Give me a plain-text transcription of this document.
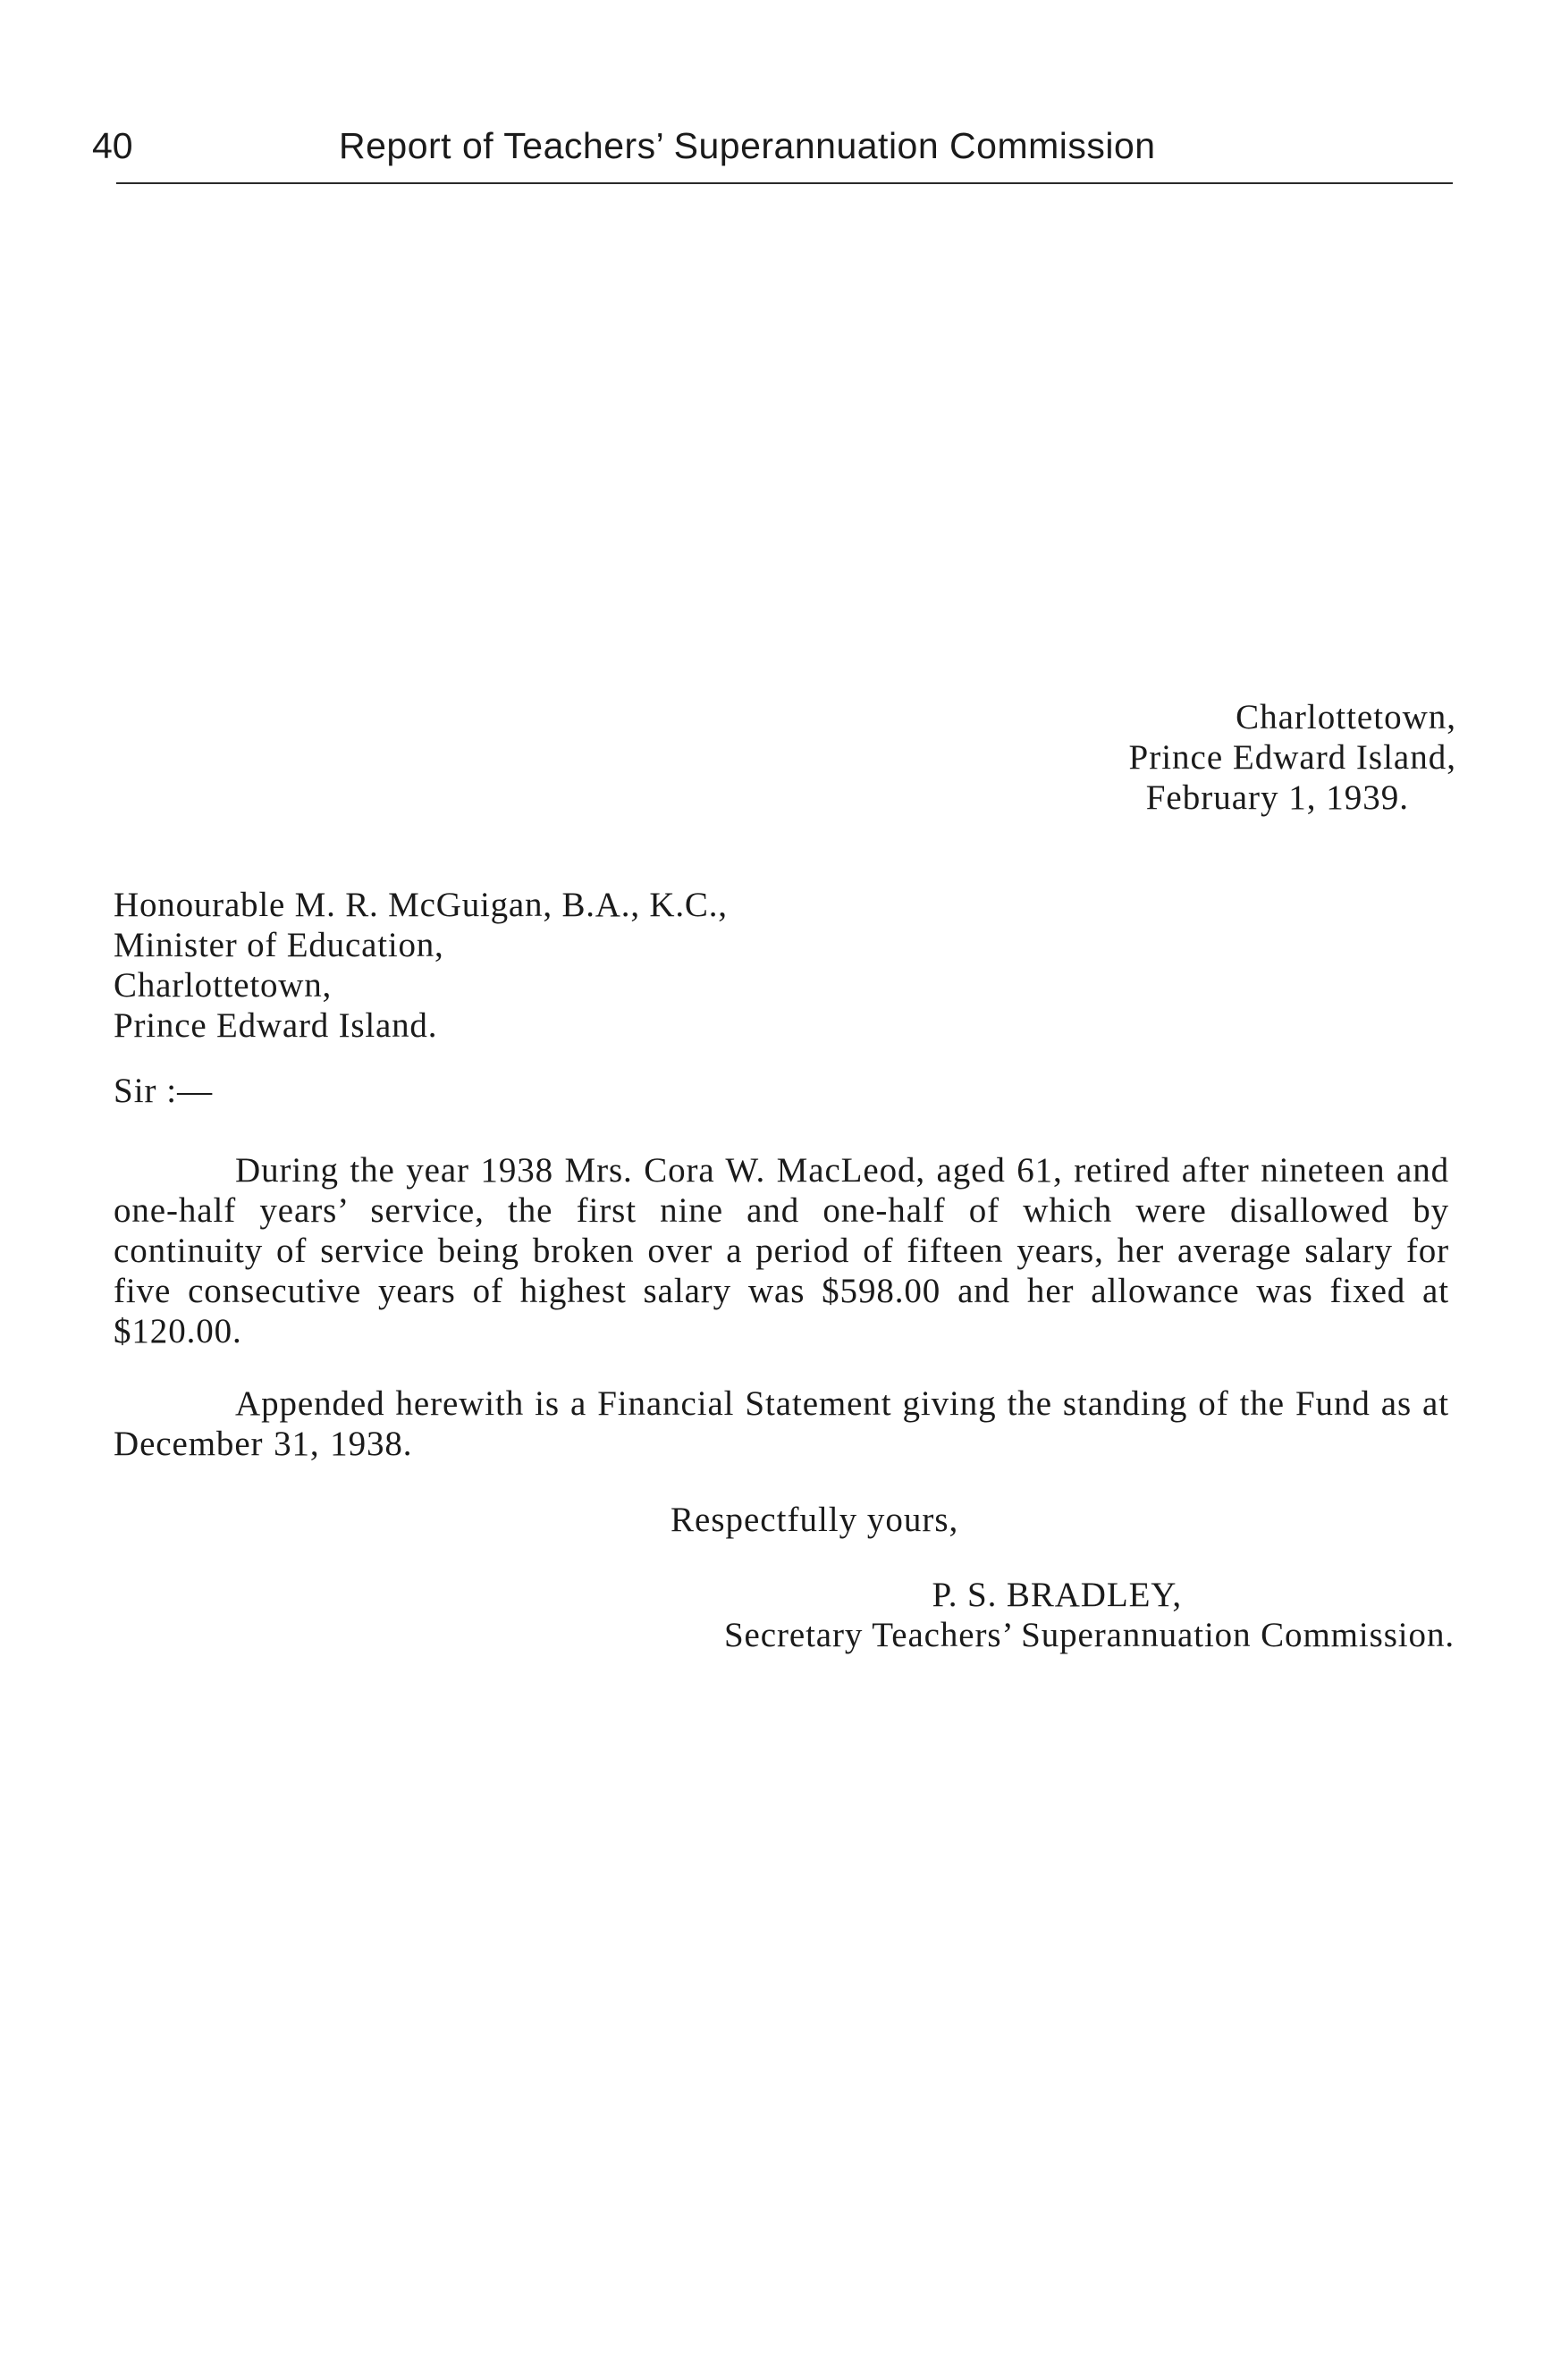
40	Report of Teachers’ Superannuation Commission
Charlottetown,
Prince Edward Island,
February 1, 1939.
Honourable M. R. McGuigan, B.A., K.C.,
Minister of Education,
Charlottetown,
Prince Edward Island.
Sir :—
During the year 1938 Mrs. Cora W. MacLeod, aged 61, retired after nineteen and one-half years’ service, the first nine and one-half of which were disallowed by continuity of service being broken over a period of fifteen years, her average salary for five consecutive years of highest salary was $598.00 and her allowance was fixed at $120.00.
Appended herewith is a Financial Statement giving the standing of the Fund as at December 31, 1938.
Respectfully yours,
P. S. BRADLEY,
Secretary Teachers’ Superannuation Commission.
